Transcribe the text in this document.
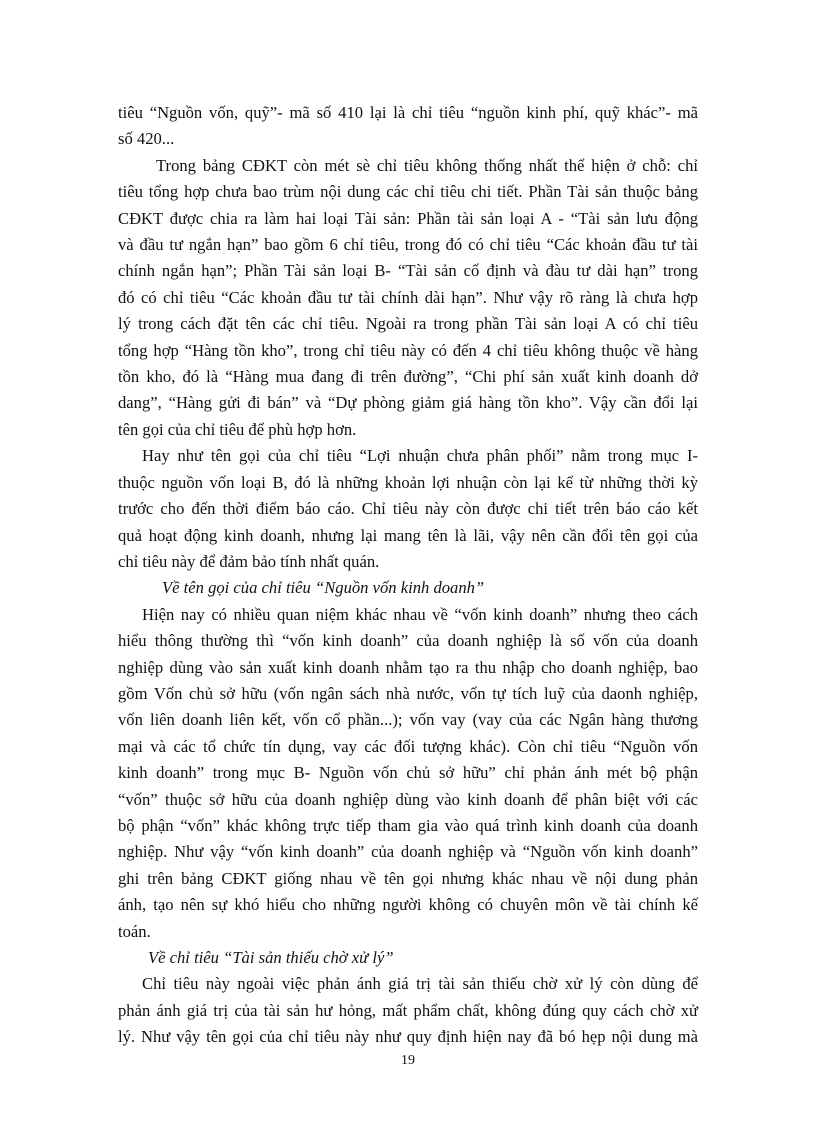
tiêu “Nguồn vốn, quỹ”- mã số 410 lại là chỉ tiêu “nguồn kinh phí, quỹ khác”- mã
số 420...

Trong bảng CĐKT còn mét sè chỉ tiêu không thống nhất thể hiện ở chỗ: chỉ
tiêu tổng hợp chưa bao trùm nội dung các chỉ tiêu chi tiết. Phần Tài sản thuộc bảng
CĐKT được chia ra làm hai loại Tài sản: Phần tài sản loại A - “Tài sản lưu động
và đầu tư ngắn hạn” bao gồm 6 chỉ tiêu, trong đó có chỉ tiêu “Các khoản đầu tư tài
chính ngắn hạn”; Phần Tài sản loại B- “Tài sản cố định và đàu tư dài hạn” trong
đó có chỉ tiêu “Các khoản đầu tư tài chính dài hạn”. Như vậy rõ ràng là chưa hợp
lý trong cách đặt tên các chỉ tiêu. Ngoài ra trong phần Tài sản loại A có chỉ tiêu
tổng hợp “Hàng tồn kho”, trong chỉ tiêu này có đến 4 chỉ tiêu không thuộc về hàng
tồn kho, đó là “Hàng mua đang đi trên đường”, “Chi phí sản xuất kinh doanh dở
dang”, “Hàng gửi đi bán” và “Dự phòng giảm giá hàng tồn kho”. Vậy cần đổi lại
tên gọi của chỉ tiêu để phù hợp hơn.

Hay như tên gọi của chỉ tiêu “Lợi nhuận chưa phân phối” nằm trong mục I-
thuộc nguồn vốn loại B, đó là những khoản lợi nhuận còn lại kể từ những thời kỳ
trước cho đến thời điểm báo cáo. Chỉ tiêu này còn được chi tiết trên báo cáo kết
quả hoạt động kinh doanh, nhưng lại mang tên là lãi, vậy nên cần đổi tên gọi của
chỉ tiêu này để đảm bảo tính nhất quán.

Về tên gọi của chỉ tiêu “Nguồn vốn kinh doanh”

Hiện nay có nhiều quan niệm khác nhau về “vốn kinh doanh” nhưng theo cách
hiểu thông thường thì “vốn kinh doanh” của doanh nghiệp là số vốn của doanh
nghiệp dùng vào sản xuất kinh doanh nhằm tạo ra thu nhập cho doanh nghiệp, bao
gồm Vốn chủ sở hữu (vốn ngân sách nhà nước, vốn tự tích luỹ của daonh nghiệp,
vốn liên doanh liên kết, vốn cổ phần...); vốn vay (vay của các Ngân hàng thương
mại và các tổ chức tín dụng, vay các đối tượng khác). Còn chỉ tiêu “Nguồn vốn
kinh doanh” trong mục B- Nguồn vốn chủ sở hữu” chỉ phản ánh mét bộ phận
“vốn” thuộc sở hữu của doanh nghiệp dùng vào kinh doanh để phân biệt với các
bộ phận “vốn” khác không trực tiếp tham gia vào quá trình kinh doanh của doanh
nghiệp. Như vậy “vốn kinh doanh” của doanh nghiệp và “Nguồn vốn kinh doanh”
ghi trên bảng CĐKT giống nhau về tên gọi nhưng khác nhau về nội dung phản
ánh, tạo nên sự khó hiểu cho những người không có chuyên môn về tài chính kế
toán.

Về chỉ tiêu “Tài sản thiếu chờ xử lý”

Chỉ tiêu này ngoài việc phản ánh giá trị tài sản thiếu chờ xử lý còn dùng để
phản ánh giá trị của tài sản hư hỏng, mất phẩm chất, không đúng quy cách chờ xử
lý. Như vậy tên gọi của chỉ tiêu này như quy định hiện nay đã bó hẹp nội dung mà

19
